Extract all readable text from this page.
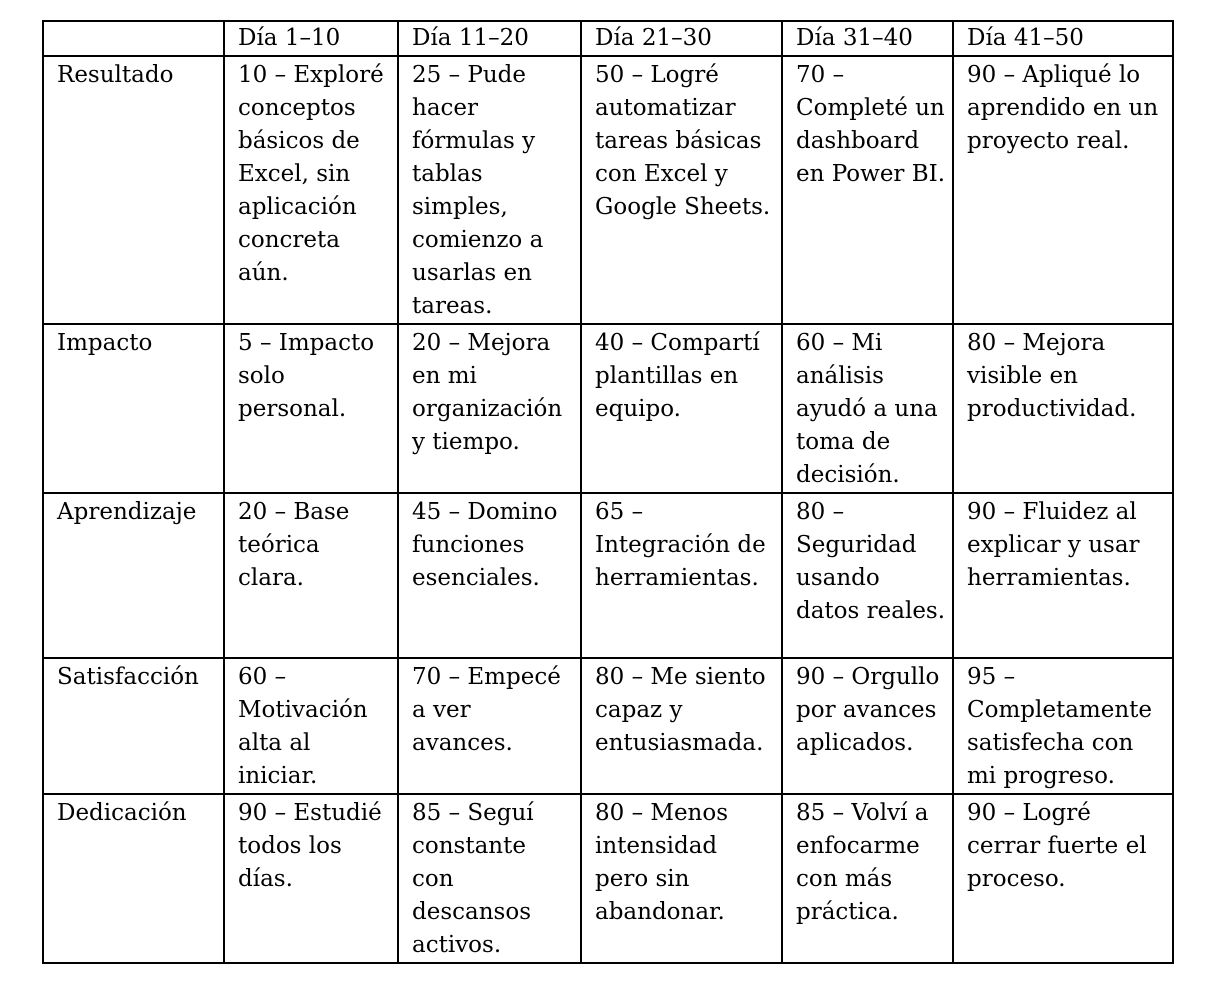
	Día 1–10	Día 11–20	Día 21–30	Día 31–40	Día 41–50
Resultado	10 – Exploré conceptos básicos de Excel, sin aplicación concreta aún.	25 – Pude hacer fórmulas y tablas simples, comienzo a usarlas en tareas.	50 – Logré automatizar tareas básicas con Excel y Google Sheets.	70 – Completé un dashboard en Power BI.	90 – Apliqué lo aprendido en un proyecto real.
Impacto	5 – Impacto solo personal.	20 – Mejora en mi organización y tiempo.	40 – Compartí plantillas en equipo.	60 – Mi análisis ayudó a una toma de decisión.	80 – Mejora visible en productividad.
Aprendizaje	20 – Base teórica clara.	45 – Domino funciones esenciales.	65 – Integración de herramientas.	80 – Seguridad usando datos reales.	90 – Fluidez al explicar y usar herramientas.
Satisfacción	60 – Motivación alta al iniciar.	70 – Empecé a ver avances.	80 – Me siento capaz y entusiasmada.	90 – Orgullo por avances aplicados.	95 – Completamente satisfecha con mi progreso.
Dedicación	90 – Estudié todos los días.	85 – Seguí constante con descansos activos.	80 – Menos intensidad pero sin abandonar.	85 – Volví a enfocarme con más práctica.	90 – Logré cerrar fuerte el proceso.
